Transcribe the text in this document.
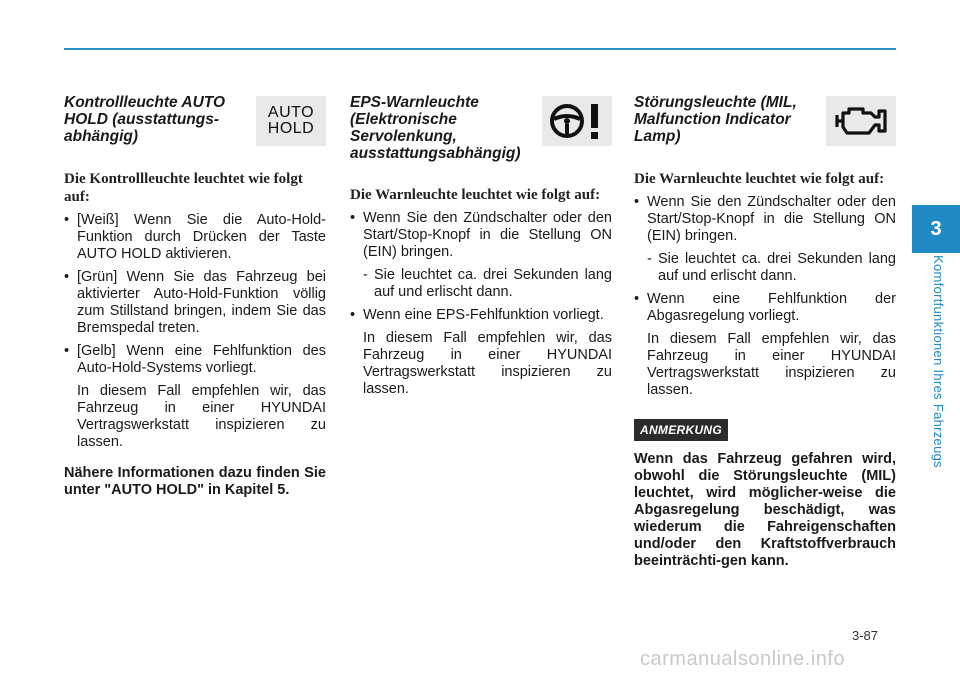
Kontrollleuchte AUTO HOLD (ausstattungs-abhängig)
AUTO
HOLD
Die Kontrollleuchte leuchtet wie folgt auf:
• [Weiß] Wenn Sie die Auto-Hold-Funktion durch Drücken der Taste AUTO HOLD aktivieren.
• [Grün] Wenn Sie das Fahrzeug bei aktivierter Auto-Hold-Funktion völlig zum Stillstand bringen, indem Sie das Bremspedal treten.
• [Gelb] Wenn eine Fehlfunktion des Auto-Hold-Systems vorliegt.
In diesem Fall empfehlen wir, das Fahrzeug in einer HYUNDAI Vertragswerkstatt inspizieren zu lassen.
Nähere Informationen dazu finden Sie unter "AUTO HOLD" in Kapitel 5.
EPS-Warnleuchte (Elektronische Servolenkung, ausstattungsabhängig)
Die Warnleuchte leuchtet wie folgt auf:
• Wenn Sie den Zündschalter oder den Start/Stop-Knopf in die Stellung ON (EIN) bringen.
- Sie leuchtet ca. drei Sekunden lang auf und erlischt dann.
• Wenn eine EPS-Fehlfunktion vorliegt.
In diesem Fall empfehlen wir, das Fahrzeug in einer HYUNDAI Vertragswerkstatt inspizieren zu lassen.
Störungsleuchte (MIL, Malfunction Indicator Lamp)
Die Warnleuchte leuchtet wie folgt auf:
• Wenn Sie den Zündschalter oder den Start/Stop-Knopf in die Stellung ON (EIN) bringen.
- Sie leuchtet ca. drei Sekunden lang auf und erlischt dann.
• Wenn eine Fehlfunktion der Abgasregelung vorliegt.
In diesem Fall empfehlen wir, das Fahrzeug in einer HYUNDAI Vertragswerkstatt inspizieren zu lassen.
ANMERKUNG
Wenn das Fahrzeug gefahren wird, obwohl die Störungsleuchte (MIL) leuchtet, wird möglicher-weise die Abgasregelung beschädigt, was wiederum die Fahreigenschaften und/oder den Kraftstoffverbrauch beeinträchti-gen kann.
3
Komfortfunktionen Ihres Fahrzeugs
3-87
carmanualsonline.info
